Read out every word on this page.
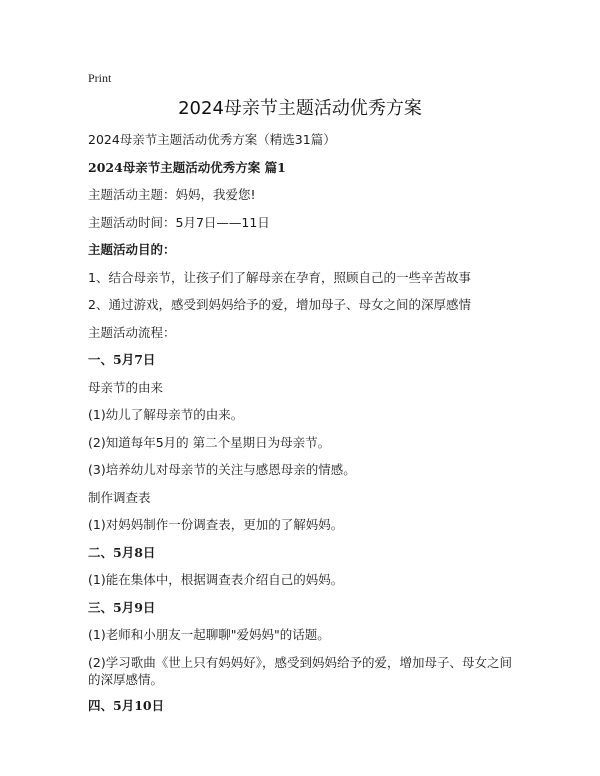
Print
2024母亲节主题活动优秀方案

2024母亲节主题活动优秀方案（精选31篇）

2024母亲节主题活动优秀方案 篇1

主题活动主题：妈妈，我爱您!

主题活动时间：5月7日——11日

主题活动目的：

1、结合母亲节，让孩子们了解母亲在孕育，照顾自己的一些辛苦故事

2、通过游戏，感受到妈妈给予的爱，增加母子、母女之间的深厚感情

主题活动流程：

一、5月7日

母亲节的由来

(1)幼儿了解母亲节的由来。

(2)知道每年5月的 第二个星期日为母亲节。

(3)培养幼儿对母亲节的关注与感恩母亲的情感。

制作调查表

(1)对妈妈制作一份调查表，更加的了解妈妈。

二、5月8日

(1)能在集体中，根据调查表介绍自己的妈妈。

三、5月9日

(1)老师和小朋友一起聊聊"爱妈妈"的话题。

(2)学习歌曲《世上只有妈妈好》，感受到妈妈给予的爱，增加母子、母女之间的深厚感情。

四、5月10日
